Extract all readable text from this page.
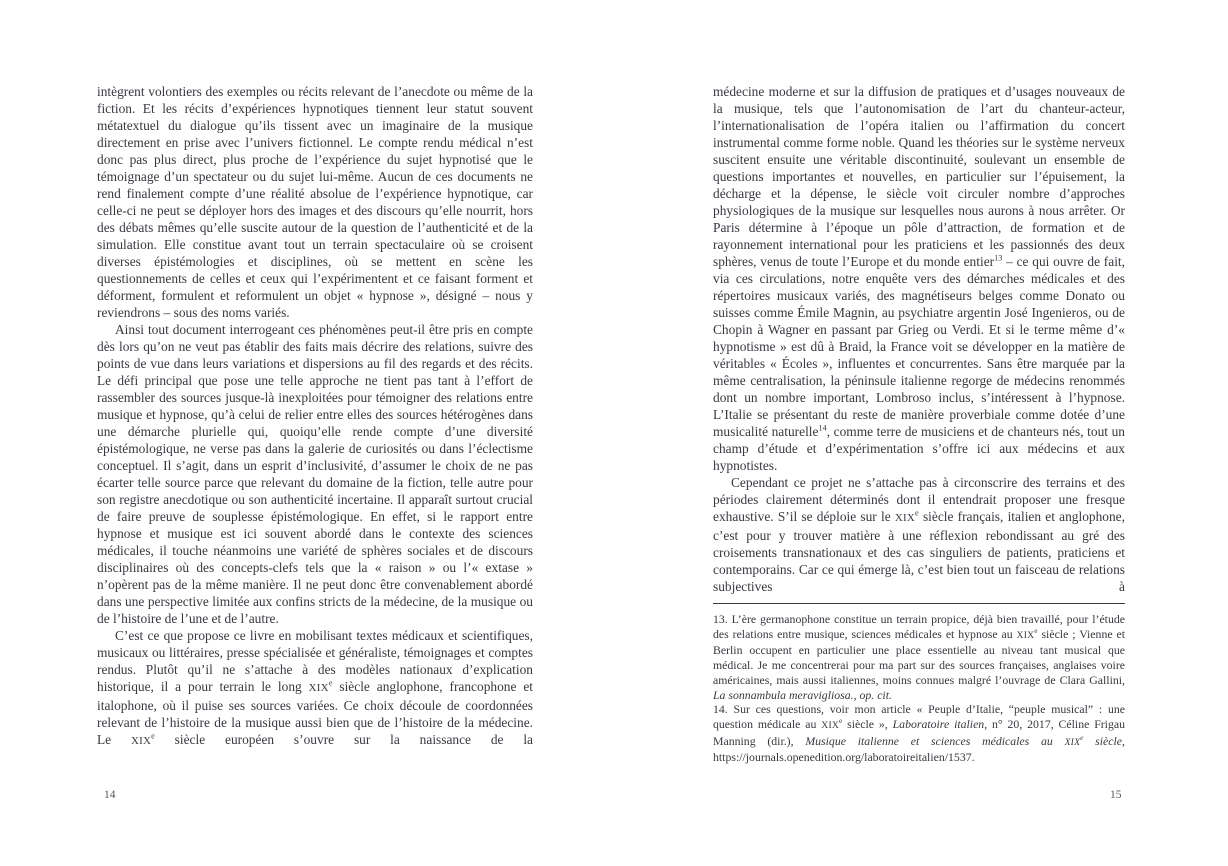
intègrent volontiers des exemples ou récits relevant de l’anecdote ou même de la fiction. Et les récits d’expériences hypnotiques tiennent leur statut souvent métatextuel du dialogue qu’ils tissent avec un imaginaire de la musique directement en prise avec l’univers fictionnel. Le compte rendu médical n’est donc pas plus direct, plus proche de l’expérience du sujet hypnotisé que le témoignage d’un spectateur ou du sujet lui-même. Aucun de ces documents ne rend finalement compte d’une réalité absolue de l’expérience hypnotique, car celle-ci ne peut se déployer hors des images et des discours qu’elle nourrit, hors des débats mêmes qu’elle suscite autour de la question de l’authenticité et de la simulation. Elle constitue avant tout un terrain spectaculaire où se croisent diverses épistémologies et disciplines, où se mettent en scène les questionnements de celles et ceux qui l’expérimentent et ce faisant forment et déforment, formulent et reformulent un objet « hypnose », désigné – nous y reviendrons – sous des noms variés.

Ainsi tout document interrogeant ces phénomènes peut-il être pris en compte dès lors qu’on ne veut pas établir des faits mais décrire des relations, suivre des points de vue dans leurs variations et dispersions au fil des regards et des récits. Le défi principal que pose une telle approche ne tient pas tant à l’effort de rassembler des sources jusque-là inexploitées pour témoigner des relations entre musique et hypnose, qu’à celui de relier entre elles des sources hétérogènes dans une démarche plurielle qui, quoiqu’elle rende compte d’une diversité épistémologique, ne verse pas dans la galerie de curiosités ou dans l’éclectisme conceptuel. Il s’agit, dans un esprit d’inclusivité, d’assumer le choix de ne pas écarter telle source parce que relevant du domaine de la fiction, telle autre pour son registre anecdotique ou son authenticité incertaine. Il apparaît surtout crucial de faire preuve de souplesse épistémologique. En effet, si le rapport entre hypnose et musique est ici souvent abordé dans le contexte des sciences médicales, il touche néanmoins une variété de sphères sociales et de discours disciplinaires où des concepts-clefs tels que la « raison » ou l’« extase » n’opèrent pas de la même manière. Il ne peut donc être convenablement abordé dans une perspective limitée aux confins stricts de la médecine, de la musique ou de l’histoire de l’une et de l’autre.

C’est ce que propose ce livre en mobilisant textes médicaux et scientifiques, musicaux ou littéraires, presse spécialisée et généraliste, témoignages et comptes rendus. Plutôt qu’il ne s’attache à des modèles nationaux d’explication historique, il a pour terrain le long XIXe siècle anglophone, francophone et italophone, où il puise ses sources variées. Ce choix découle de coordonnées relevant de l’histoire de la musique aussi bien que de l’histoire de la médecine. Le XIXe siècle européen s’ouvre sur la naissance de la

médecine moderne et sur la diffusion de pratiques et d’usages nouveaux de la musique, tels que l’autonomisation de l’art du chanteur-acteur, l’internationalisation de l’opéra italien ou l’affirmation du concert instrumental comme forme noble. Quand les théories sur le système nerveux suscitent ensuite une véritable discontinuité, soulevant un ensemble de questions importantes et nouvelles, en particulier sur l’épuisement, la décharge et la dépense, le siècle voit circuler nombre d’approches physiologiques de la musique sur lesquelles nous aurons à nous arrêter. Or Paris détermine à l’époque un pôle d’attraction, de formation et de rayonnement international pour les praticiens et les passionnés des deux sphères, venus de toute l’Europe et du monde entier$^{13}$ – ce qui ouvre de fait, via ces circulations, notre enquête vers des démarches médicales et des répertoires musicaux variés, des magnétiseurs belges comme Donato ou suisses comme Émile Magnin, au psychiatre argentin José Ingenieros, ou de Chopin à Wagner en passant par Grieg ou Verdi. Et si le terme même d’« hypnotisme » est dû à Braid, la France voit se développer en la matière de véritables « Écoles », influentes et concurrentes. Sans être marquée par la même centralisation, la péninsule italienne regorge de médecins renommés dont un nombre important, Lombroso inclus, s’intéressent à l’hypnose. L’Italie se présentant du reste de manière proverbiale comme dotée d’une musicalité naturelle$^{14}$, comme terre de musiciens et de chanteurs nés, tout un champ d’étude et d’expérimentation s’offre ici aux médecins et aux hypnotistes.

Cependant ce projet ne s’attache pas à circonscrire des terrains et des périodes clairement déterminés dont il entendrait proposer une fresque exhaustive. S’il se déploie sur le XIXe siècle français, italien et anglophone, c’est pour y trouver matière à une réflexion rebondissant au gré des croisements transnationaux et des cas singuliers de patients, praticiens et contemporains. Car ce qui émerge là, c’est bien tout un faisceau de relations subjectives à

13. L’ère germanophone constitue un terrain propice, déjà bien travaillé, pour l’étude des relations entre musique, sciences médicales et hypnose au XIXe siècle ; Vienne et Berlin occupent en particulier une place essentielle au niveau tant musical que médical. Je me concentrerai pour ma part sur des sources françaises, anglaises voire américaines, mais aussi italiennes, moins connues malgré l’ouvrage de Clara Gallini, La sonnambula meravigliosa., op. cit.

14. Sur ces questions, voir mon article « Peuple d’Italie, “peuple musical” : une question médicale au XIXe siècle », Laboratoire italien, n° 20, 2017, Céline Frigau Manning (dir.), Musique italienne et sciences médicales au XIXe siècle, https://journals.openedition.org/laboratoireitalien/1537.

14	15
